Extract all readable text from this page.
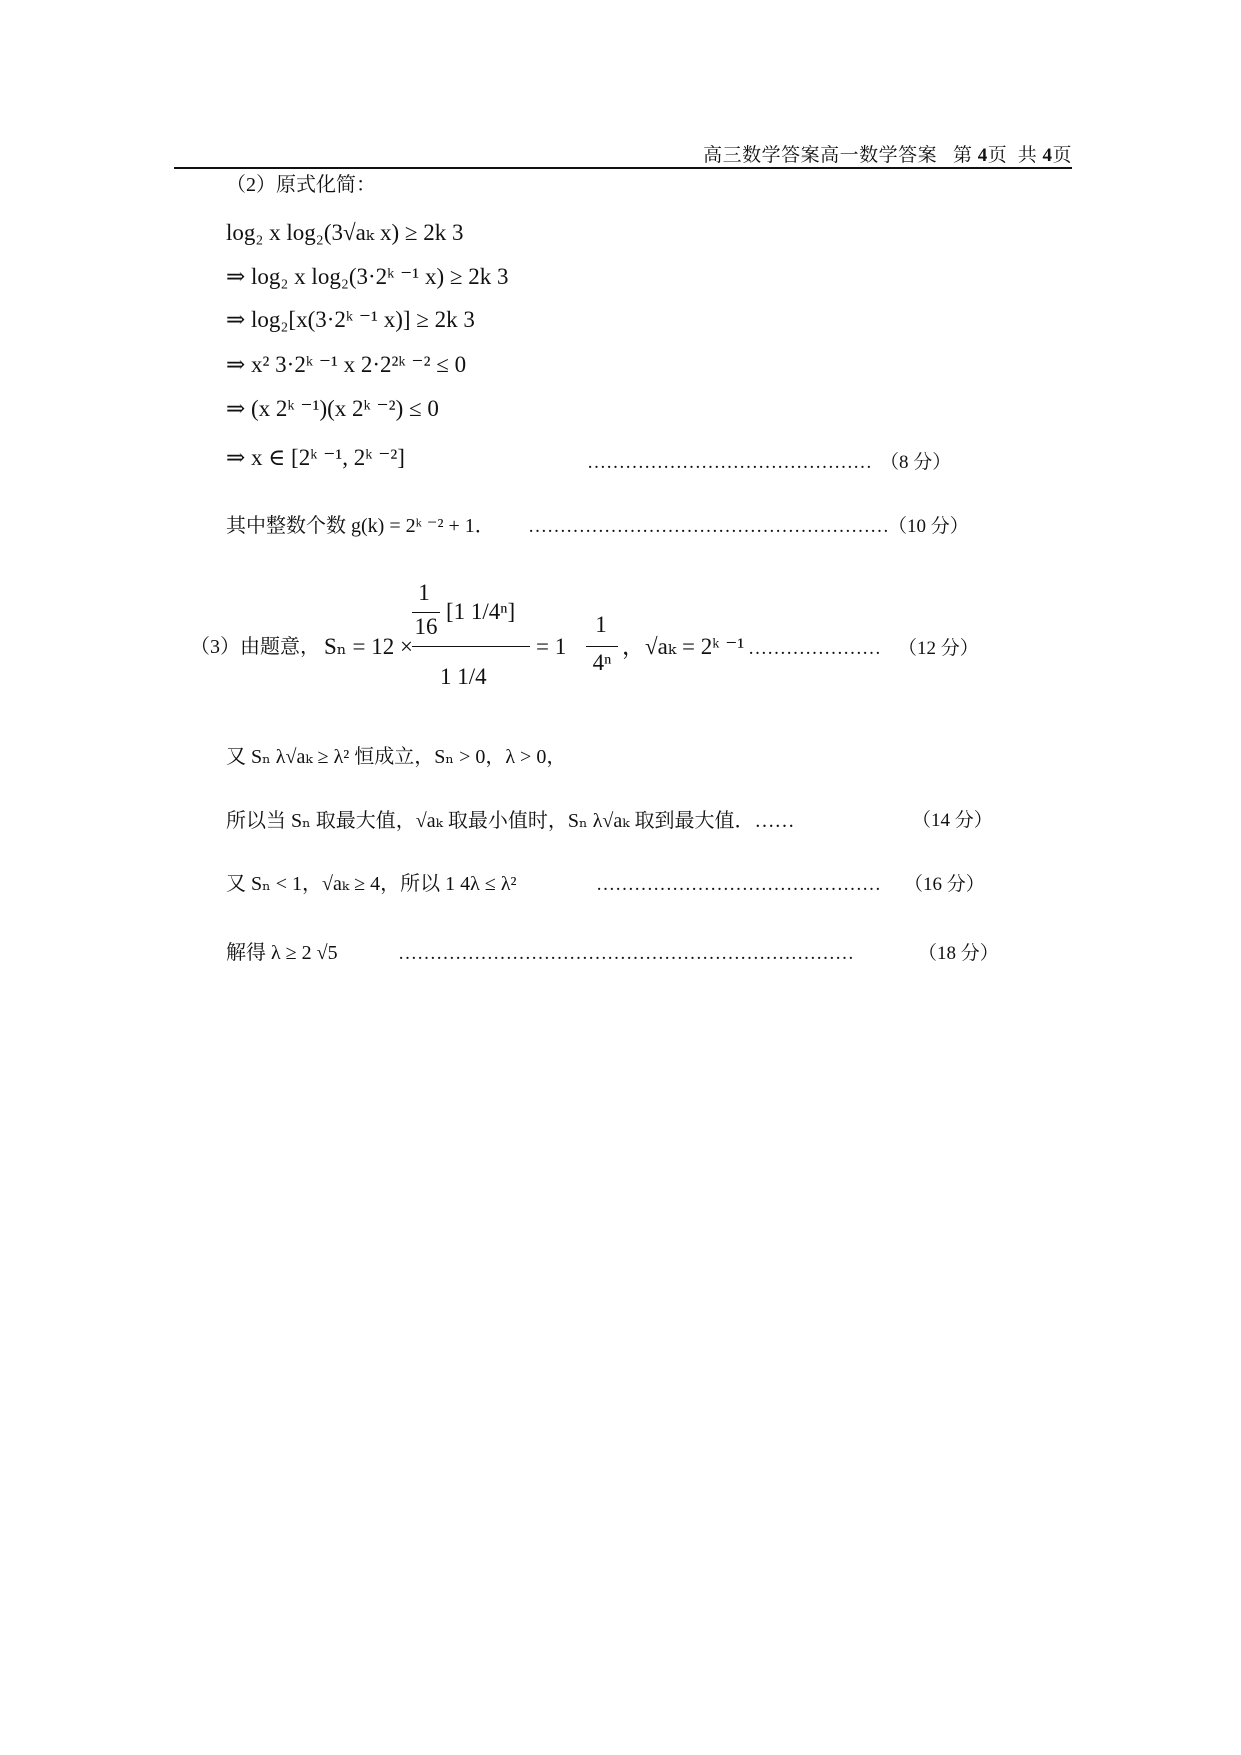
高三数学答案高一数学答案 第 4页 共 4页
（2）原式化简：
log₂ x log₂(3√aₖ x) ≥ 2k 3
⇒ log₂ x log₂(3·2ᵏ ⁻¹ x) ≥ 2k 3
⇒ log₂[x(3·2ᵏ ⁻¹ x)] ≥ 2k 3
⇒ x² 3·2ᵏ ⁻¹ x 2·2²ᵏ ⁻² ≤ 0
⇒ (x 2ᵏ ⁻¹)(x 2ᵏ ⁻²) ≤ 0
⇒ x ∈ [2ᵏ ⁻¹, 2ᵏ ⁻²]	……………………………………… （8 分）
其中整数个数 g(k) = 2ᵏ ⁻² + 1． ………………………………………………… （10 分）
（3）由题意， Sₙ = 12 ×
1
16
[1 1/4ⁿ]
1 1/4
= 1
1
4ⁿ
，√aₖ = 2ᵏ ⁻¹ ………………… （12 分）
又 Sₙ λ√aₖ ≥ λ² 恒成立，Sₙ > 0，λ > 0，
所以当 Sₙ 取最大值，√aₖ 取最小值时，Sₙ λ√aₖ 取到最大值．……	（14 分）
又 Sₙ < 1，√aₖ ≥ 4，所以 1 4λ ≤ λ²	……………………………………… （16 分）
解得 λ ≥ 2 √5	………………………………………………………………	（18 分）
